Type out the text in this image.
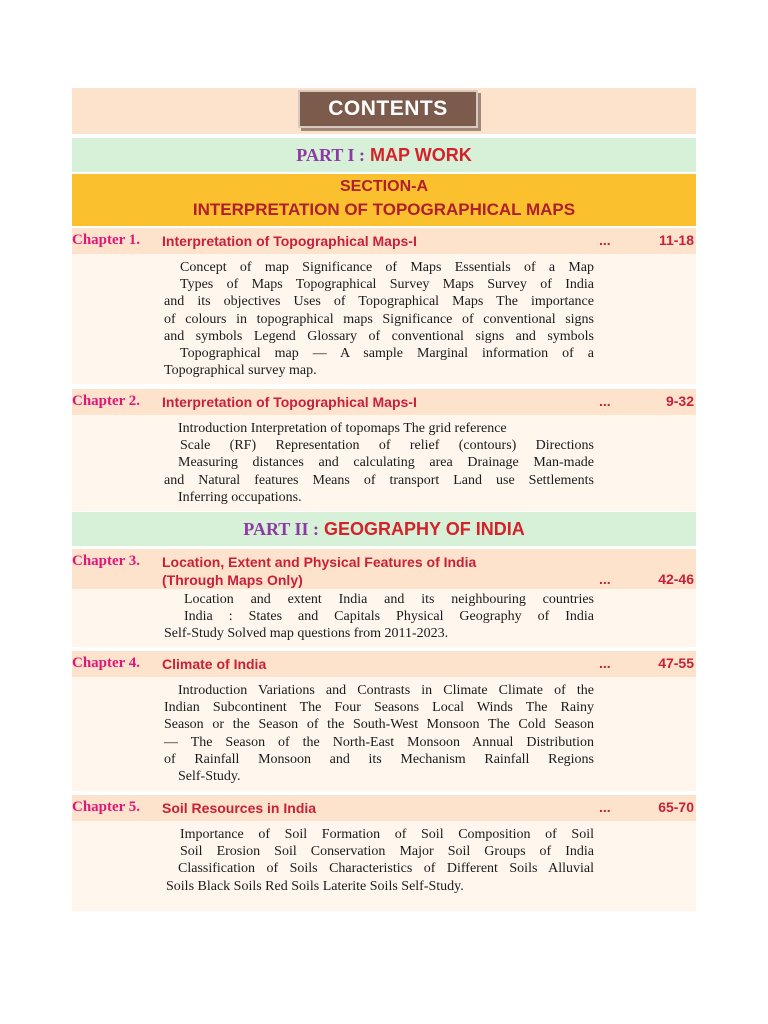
CONTENTS
PART I : MAP WORK
SECTION-A
INTERPRETATION OF TOPOGRAPHICAL MAPS
Chapter 1. Interpretation of Topographical Maps-I	...	11-18
Concept of map Significance of Maps Essentials of a Map
Types of Maps Topographical Survey Maps Survey of India
and its objectives Uses of Topographical Maps The importance
of colours in topographical maps Significance of conventional signs
and symbols Legend Glossary of conventional signs and symbols
Topographical map — A sample Marginal information of a
Topographical survey map.
Chapter 2. Interpretation of Topographical Maps-I	...	9-32
Introduction Interpretation of topomaps The grid reference
Scale (RF) Representation of relief (contours) Directions
Measuring distances and calculating area Drainage Man-made
and Natural features Means of transport Land use Settlements
Inferring occupations.
PART II : GEOGRAPHY OF INDIA
Chapter 3. Location, Extent and Physical Features of India
(Through Maps Only)	...	42-46
Location and extent India and its neighbouring countries
India : States and Capitals Physical Geography of India
Self-Study Solved map questions from 2011-2023.
Chapter 4. Climate of India	...	47-55
Introduction Variations and Contrasts in Climate Climate of the
Indian Subcontinent The Four Seasons Local Winds The Rainy
Season or the Season of the South-West Monsoon The Cold Season
— The Season of the North-East Monsoon Annual Distribution
of Rainfall Monsoon and its Mechanism Rainfall Regions
Self-Study.
Chapter 5. Soil Resources in India	...	65-70
Importance of Soil Formation of Soil Composition of Soil
Soil Erosion Soil Conservation Major Soil Groups of India
Classification of Soils Characteristics of Different Soils Alluvial
Soils Black Soils Red Soils Laterite Soils Self-Study.
